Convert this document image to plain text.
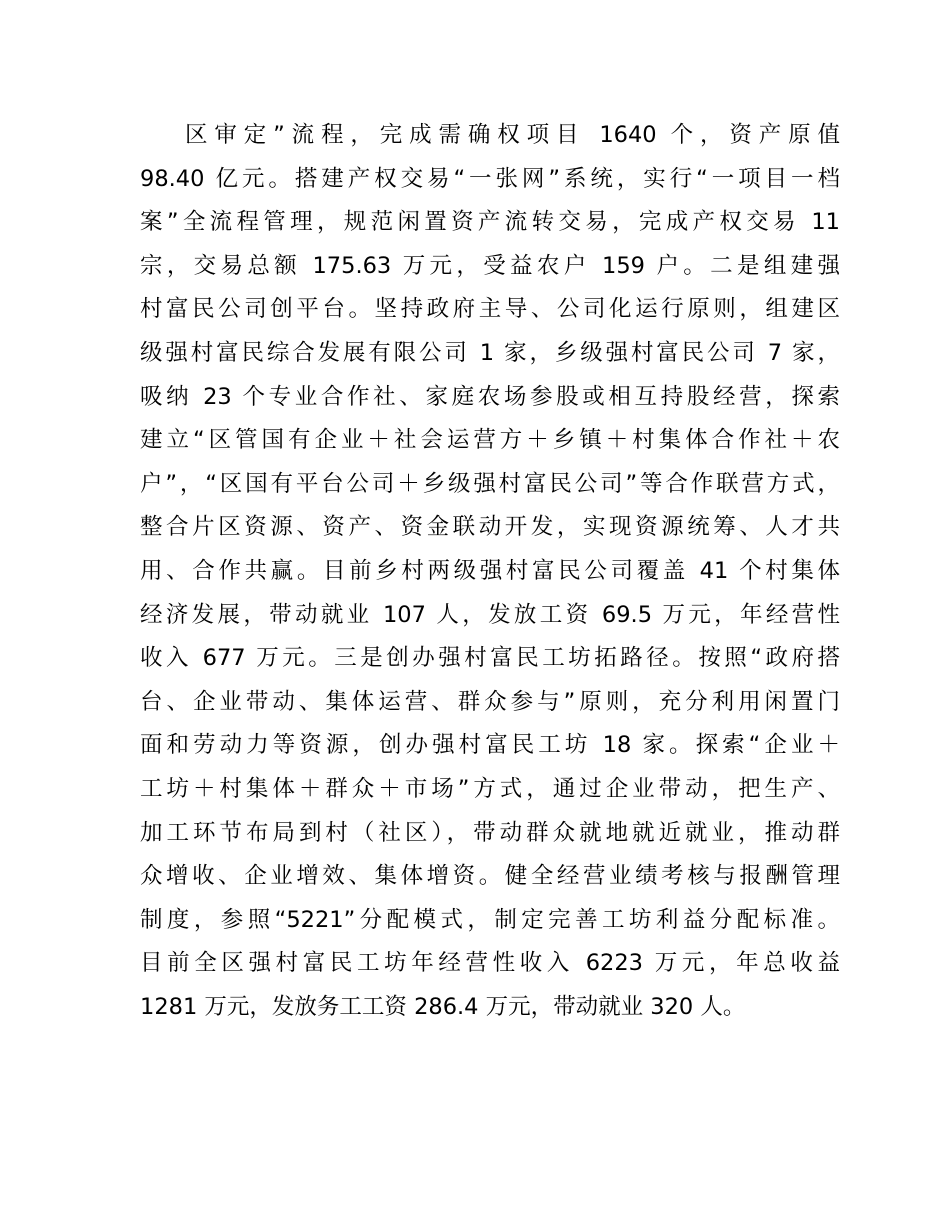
区审定”流程，完成需确权项目 1640 个，资产原值
98.40 亿元。搭建产权交易“一张网”系统，实行“一项目一档
案”全流程管理，规范闲置资产流转交易，完成产权交易 11
宗，交易总额 175.63 万元，受益农户 159 户。二是组建强
村富民公司创平台。坚持政府主导、公司化运行原则，组建区
级强村富民综合发展有限公司 1 家，乡级强村富民公司 7 家，
吸纳 23 个专业合作社、家庭农场参股或相互持股经营，探索
建立“区管国有企业＋社会运营方＋乡镇＋村集体合作社＋农
户”，“区国有平台公司＋乡级强村富民公司”等合作联营方式，
整合片区资源、资产、资金联动开发，实现资源统筹、人才共
用、合作共赢。目前乡村两级强村富民公司覆盖 41 个村集体
经济发展，带动就业 107 人，发放工资 69.5 万元，年经营性
收入 677 万元。三是创办强村富民工坊拓路径。按照“政府搭
台、企业带动、集体运营、群众参与”原则，充分利用闲置门
面和劳动力等资源，创办强村富民工坊 18 家。探索“企业＋
工坊＋村集体＋群众＋市场”方式，通过企业带动，把生产、
加工环节布局到村（社区），带动群众就地就近就业，推动群
众增收、企业增效、集体增资。健全经营业绩考核与报酬管理
制度，参照“5221”分配模式，制定完善工坊利益分配标准。
目前全区强村富民工坊年经营性收入 6223 万元，年总收益
1281 万元，发放务工工资 286.4 万元，带动就业 320 人。
